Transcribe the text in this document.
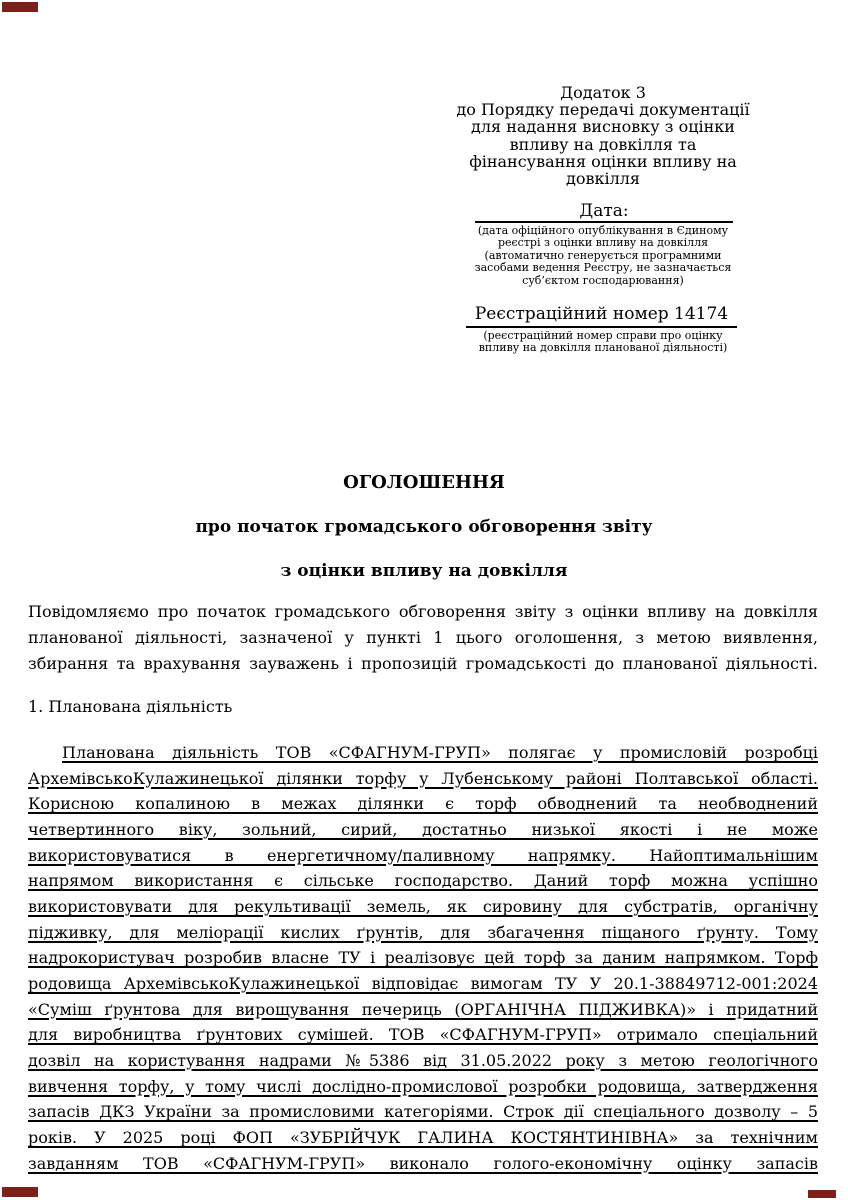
Додаток 3
до Порядку передачі документації
для надання висновку з оцінки
впливу на довкілля та
фінансування оцінки впливу на
довкілля
Дата:
(дата офіційного опублікування в Єдиному
реєстрі з оцінки впливу на довкілля
(автоматично генерується програмними
засобами ведення Реєстру, не зазначається
суб’єктом господарювання)
Реєстраційний номер 14174
(реєстраційний номер справи про оцінку
впливу на довкілля планованої діяльності)
ОГОЛОШЕННЯ
про початок громадського обговорення звіту
з оцінки впливу на довкілля
Повідомляємо про початок громадського обговорення звіту з оцінки впливу на довкілля
планованої діяльності, зазначеної у пункті 1 цього оголошення, з метою виявлення,
збирання та врахування зауважень і пропозицій громадськості до планованої діяльності.
1. Планована діяльність
Планована діяльність ТОВ «СФАГНУМ-ГРУП» полягає у промисловій розробці
АрхемівськоКулажинецької ділянки торфу у Лубенському районі Полтавської області.
Корисною копалиною в межах ділянки є торф обводнений та необводнений
четвертинного віку, зольний, сирий, достатньо низької якості і не може
використовуватися в енергетичному/паливному напрямку. Найоптимальнішим
напрямом використання є сільське господарство. Даний торф можна успішно
використовувати для рекультивації земель, як сировину для субстратів, органічну
підживку, для меліорації кислих ґрунтів, для збагачення піщаного ґрунту. Тому
надрокористувач розробив власне ТУ і реалізовує цей торф за даним напрямком. Торф
родовища АрхемівськоКулажинецької відповідає вимогам ТУ У 20.1-38849712-001:2024
«Суміш ґрунтова для вирощування печериць (ОРГАНІЧНА ПІДЖИВКА)» і придатний
для виробництва ґрунтових сумішей. ТОВ «СФАГНУМ-ГРУП» отримало спеціальний
дозвіл на користування надрами №5386 від 31.05.2022 року з метою геологічного
вивчення торфу, у тому числі дослідно-промислової розробки родовища, затвердження
запасів ДКЗ України за промисловими категоріями. Строк дії спеціального дозволу – 5
років. У 2025 році ФОП «ЗУБРІЙЧУК ГАЛИНА КОСТЯНТИНІВНА» за технічним
завданням ТОВ «СФАГНУМ-ГРУП» виконало голого-економічну оцінку запасів
